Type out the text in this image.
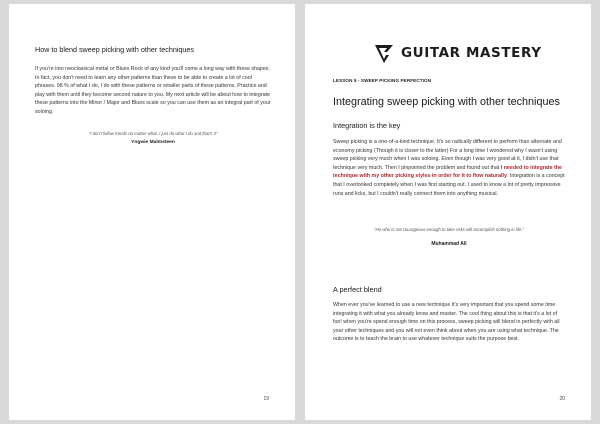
How to blend sweep picking with other techniques
If you're into neoclassical metal or Blues Rock of any kind you'll come a long way with these shapes. In fact, you don't need to learn any other patterns than these to be able to create a lot of cool phrases. 98 % of what I do, I do with these patterns or smaller parts of these patterns. Practice and play with them until they become second nature to you. My next article will be about how to integrate these patterns into the Minor / Major and Blues scale so you can use them as an integral part of your soloing.
"I don't follow trends no matter what, I just do what I do and that's it"
Yngwie Malmsteen
19
GUITAR MASTERY
LESSON 5 - SWEEP PICKING PERFECTION
Integrating sweep picking with other techniques
Integration is the key
Sweep picking is a one-of-a-kind technique. It's so radically different to perform than alternate and economy picking (Though it is closer to the latter) For a long time I wondered why I wasn't using sweep picking very much when I was soloing. Even though I was very good at it, I didn't use that technique very much. Then I pinpointed the problem and found out that I needed to integrate the technique with my other picking styles in order for it to flow naturally. Integration is a concept that I overlooked completely when I was first starting out. I used to know a lot of pretty impressive runs and licks, but I couldn't really connect them into anything musical.
"He who is not courageous enough to take risks will accomplish nothing in life."
Muhammad Ali
A perfect blend
When ever you've learned to use a new technique it's very important that you spend some time integrating it with what you already know and master. The cool thing about this is that it's a lot of fun! when you're spend enough time on this process, sweep picking will blend in perfectly with all your other techniques and you will not even think about when you are using what technique. The outcome is to teach the brain to use whatever technique suits the purpose best.
20
